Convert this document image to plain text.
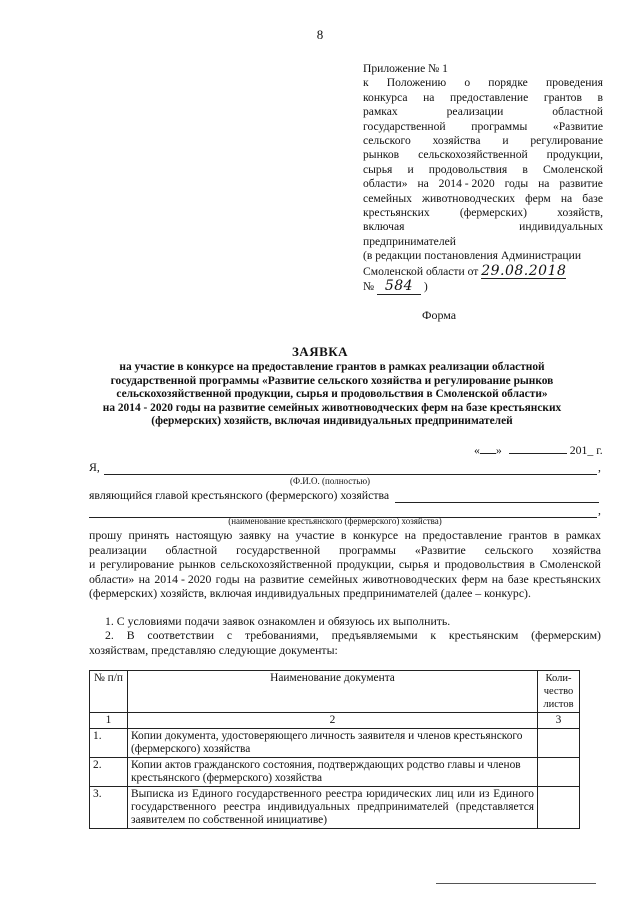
8
Приложение № 1
к Положению о порядке проведения
конкурса на предоставление грантов в
рамках	реализации	областной
государственной программы «Развитие
сельского хозяйства и регулирование
рынков сельскохозяйственной продукции,
сырья и продовольствия в Смоленской
области» на 2014 - 2020 годы на развитие
семейных животноводческих ферм на базе
крестьянских	(фермерских)	хозяйств,
включая	индивидуальных
предпринимателей
(в редакции постановления Администрации
Смоленской области от 29.08.2018
№ 584 )
Форма
ЗАЯВКА
на участие в конкурсе на предоставление грантов в рамках реализации областной
государственной программы «Развитие сельского хозяйства и регулирование рынков
сельскохозяйственной продукции, сырья и продовольствия в Смоленской области»
на 2014 - 2020 годы на развитие семейных животноводческих ферм на базе крестьянских
(фермерских) хозяйств, включая индивидуальных предпринимателей
« »	201_ г.
Я,	,
(Ф.И.О. (полностью)
являющийся главой крестьянского (фермерского) хозяйства
,
(наименование крестьянского (фермерского) хозяйства)
прошу принять настоящую заявку на участие в конкурсе на предоставление грантов в рамках
реализации областной государственной программы «Развитие сельского хозяйства
и регулирование рынков сельскохозяйственной продукции, сырья и продовольствия в Смоленской
области» на 2014 - 2020 годы на развитие семейных животноводческих ферм на базе крестьянских
(фермерских) хозяйств, включая индивидуальных предпринимателей (далее – конкурс).
1. С условиями подачи заявок ознакомлен и обязуюсь их выполнить.
2. В соответствии с требованиями, предъявляемыми к крестьянским (фермерским)
хозяйствам, представляю следующие документы:
№ п/п	Наименование документа	Коли-чество листов
1	2	3
1.	Копии документа, удостоверяющего личность заявителя и членов крестьянского (фермерского) хозяйства	
2.	Копии актов гражданского состояния, подтверждающих родство главы и членов крестьянского (фермерского) хозяйства	
3.	Выписка из Единого государственного реестра юридических лиц или из Единого государственного реестра индивидуальных предпринимателей (представляется заявителем по собственной инициативе)	
